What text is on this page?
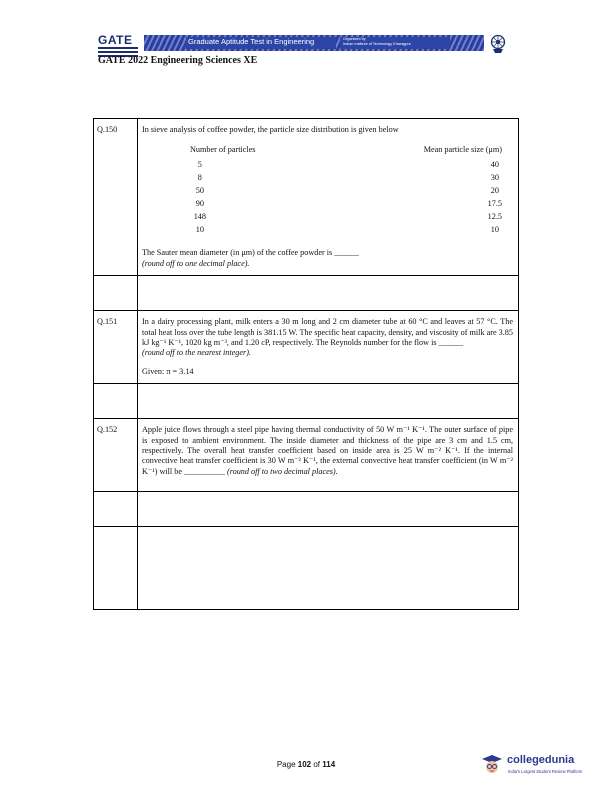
GATE	Graduate Aptitude Test in Engineering	Organised by
Indian Institute of Technology Kharagpur
GATE 2022 Engineering Sciences XE
Q.150	In sieve analysis of coffee powder, the particle size distribution is given below

Number of particles	Mean particle size (μm)
5	40
8	30
50	20
90	17.5
148	12.5
10	10

The Sauter mean diameter (in μm) of the coffee powder is ______

(round off to one decimal place).

Q.151	In a dairy processing plant, milk enters a 30 m long and 2 cm diameter tube at 60 °C and leaves at 57 °C. The total heat loss over the tube length is 381.15 W. The specific heat capacity, density, and viscosity of milk are 3.85 kJ kg⁻¹ K⁻¹, 1020 kg m⁻³, and 1.20 cP, respectively. The Reynolds number for the flow is ______

(round off to the nearest integer).

Given: π = 3.14

Q.152	Apple juice flows through a steel pipe having thermal conductivity of 50 W m⁻¹ K⁻¹. The outer surface of pipe is exposed to ambient environment. The inside diameter and thickness of the pipe are 3 cm and 1.5 cm, respectively. The overall heat transfer coefficient based on inside area is 25 W m⁻² K⁻¹. If the internal convective heat transfer coefficient is 30 W m⁻² K⁻¹, the external convective heat transfer coefficient (in W m⁻² K⁻¹) will be __________ (round off to two decimal places).

Page 102 of 114	collegedunia
India's Largest Student Review Platform
